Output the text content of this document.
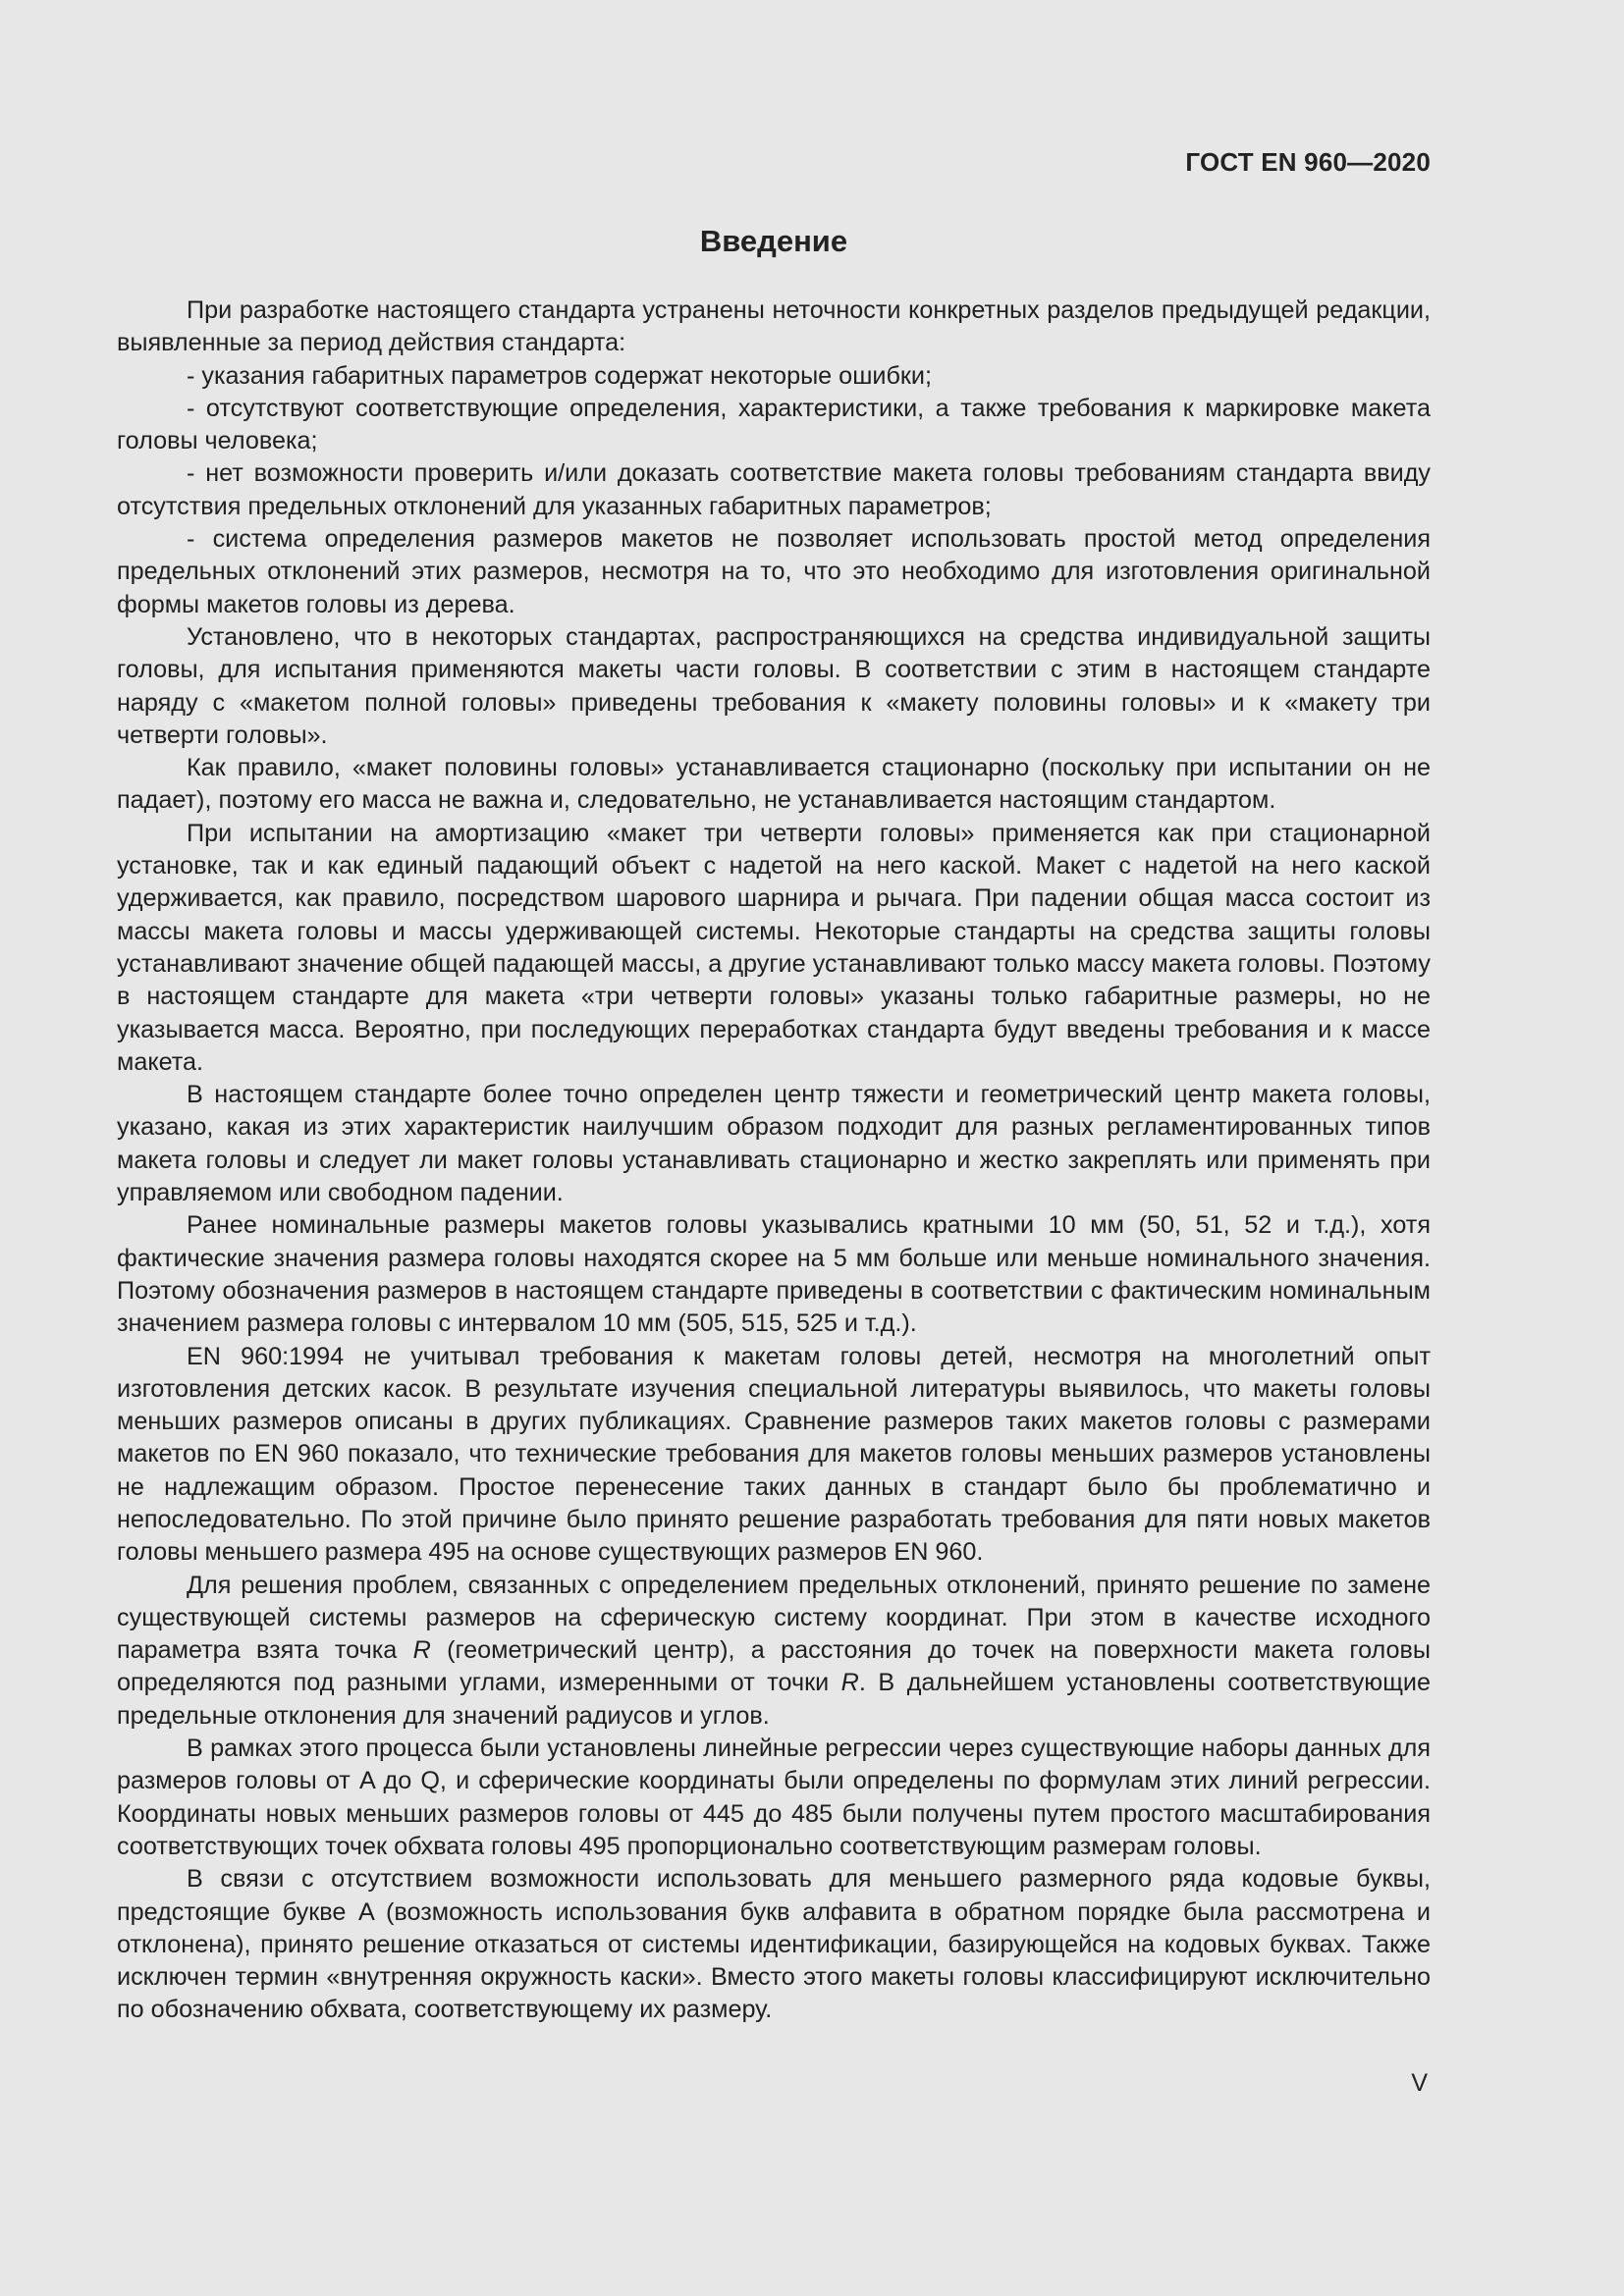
ГОСТ EN 960—2020
Введение

При разработке настоящего стандарта устранены неточности конкретных разделов предыдущей редакции, выявленные за период действия стандарта:

- указания габаритных параметров содержат некоторые ошибки;

- отсутствуют соответствующие определения, характеристики, а также требования к маркировке макета головы человека;

- нет возможности проверить и/или доказать соответствие макета головы требованиям стандарта ввиду отсутствия предельных отклонений для указанных габаритных параметров;

- система определения размеров макетов не позволяет использовать простой метод определения предельных отклонений этих размеров, несмотря на то, что это необходимо для изготовления оригинальной формы макетов головы из дерева.

Установлено, что в некоторых стандартах, распространяющихся на средства индивидуальной защиты головы, для испытания применяются макеты части головы. В соответствии с этим в настоящем стандарте наряду с «макетом полной головы» приведены требования к «макету половины головы» и к «макету три четверти головы».

Как правило, «макет половины головы» устанавливается стационарно (поскольку при испытании он не падает), поэтому его масса не важна и, следовательно, не устанавливается настоящим стандартом.

При испытании на амортизацию «макет три четверти головы» применяется как при стационарной установке, так и как единый падающий объект с надетой на него каской. Макет с надетой на него каской удерживается, как правило, посредством шарового шарнира и рычага. При падении общая масса состоит из массы макета головы и массы удерживающей системы. Некоторые стандарты на средства защиты головы устанавливают значение общей падающей массы, а другие устанавливают только массу макета головы. Поэтому в настоящем стандарте для макета «три четверти головы» указаны только габаритные размеры, но не указывается масса. Вероятно, при последующих переработках стандарта будут введены требования и к массе макета.

В настоящем стандарте более точно определен центр тяжести и геометрический центр макета головы, указано, какая из этих характеристик наилучшим образом подходит для разных регламентированных типов макета головы и следует ли макет головы устанавливать стационарно и жестко закреплять или применять при управляемом или свободном падении.

Ранее номинальные размеры макетов головы указывались кратными 10 мм (50, 51, 52 и т.д.), хотя фактические значения размера головы находятся скорее на 5 мм больше или меньше номинального значения. Поэтому обозначения размеров в настоящем стандарте приведены в соответствии с фактическим номинальным значением размера головы с интервалом 10 мм (505, 515, 525 и т.д.).

EN 960:1994 не учитывал требования к макетам головы детей, несмотря на многолетний опыт изготовления детских касок. В результате изучения специальной литературы выявилось, что макеты головы меньших размеров описаны в других публикациях. Сравнение размеров таких макетов головы с размерами макетов по EN 960 показало, что технические требования для макетов головы меньших размеров установлены не надлежащим образом. Простое перенесение таких данных в стандарт было бы проблематично и непоследовательно. По этой причине было принято решение разработать требования для пяти новых макетов головы меньшего размера 495 на основе существующих размеров EN 960.

Для решения проблем, связанных с определением предельных отклонений, принято решение по замене существующей системы размеров на сферическую систему координат. При этом в качестве исходного параметра взята точка R (геометрический центр), а расстояния до точек на поверхности макета головы определяются под разными углами, измеренными от точки R. В дальнейшем установлены соответствующие предельные отклонения для значений радиусов и углов.

В рамках этого процесса были установлены линейные регрессии через существующие наборы данных для размеров головы от A до Q, и сферические координаты были определены по формулам этих линий регрессии. Координаты новых меньших размеров головы от 445 до 485 были получены путем простого масштабирования соответствующих точек обхвата головы 495 пропорционально соответствующим размерам головы.

В связи с отсутствием возможности использовать для меньшего размерного ряда кодовые буквы, предстоящие букве A (возможность использования букв алфавита в обратном порядке была рассмотрена и отклонена), принято решение отказаться от системы идентификации, базирующейся на кодовых буквах. Также исключен термин «внутренняя окружность каски». Вместо этого макеты головы классифицируют исключительно по обозначению обхвата, соответствующему их размеру.

V
